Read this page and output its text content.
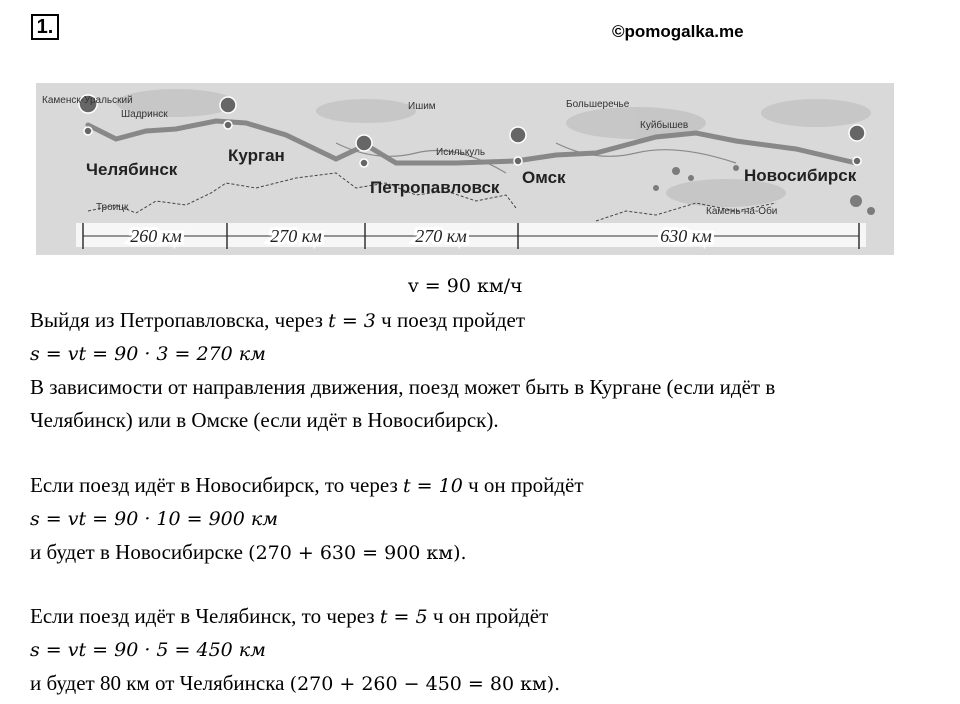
1.	©pomogalka.me
Каменск-Уральский
Шадринск
Ишим	Большеречье
Куйбышев
Исилькуль
Троицк	Камень-на-Оби
Челябинск
Курган
Петропавловск
Омск	Новосибирск
260 км	270 км	270 км	630 км
v = 90 км/ч
Выйдя из Петропавловска, через t = 3 ч поезд пройдет
s = vt = 90 · 3 = 270 км
В зависимости от направления движения, поезд может быть в Кургане (если идёт в
Челябинск) или в Омске (если идёт в Новосибирск).
Если поезд идёт в Новосибирск, то через t = 10 ч он пройдёт
s = vt = 90 · 10 = 900 км
и будет в Новосибирске (270 + 630 = 900 км).
Если поезд идёт в Челябинск, то через t = 5 ч он пройдёт
s = vt = 90 · 5 = 450 км
и будет 80 км от Челябинска (270 + 260 − 450 = 80 км).
